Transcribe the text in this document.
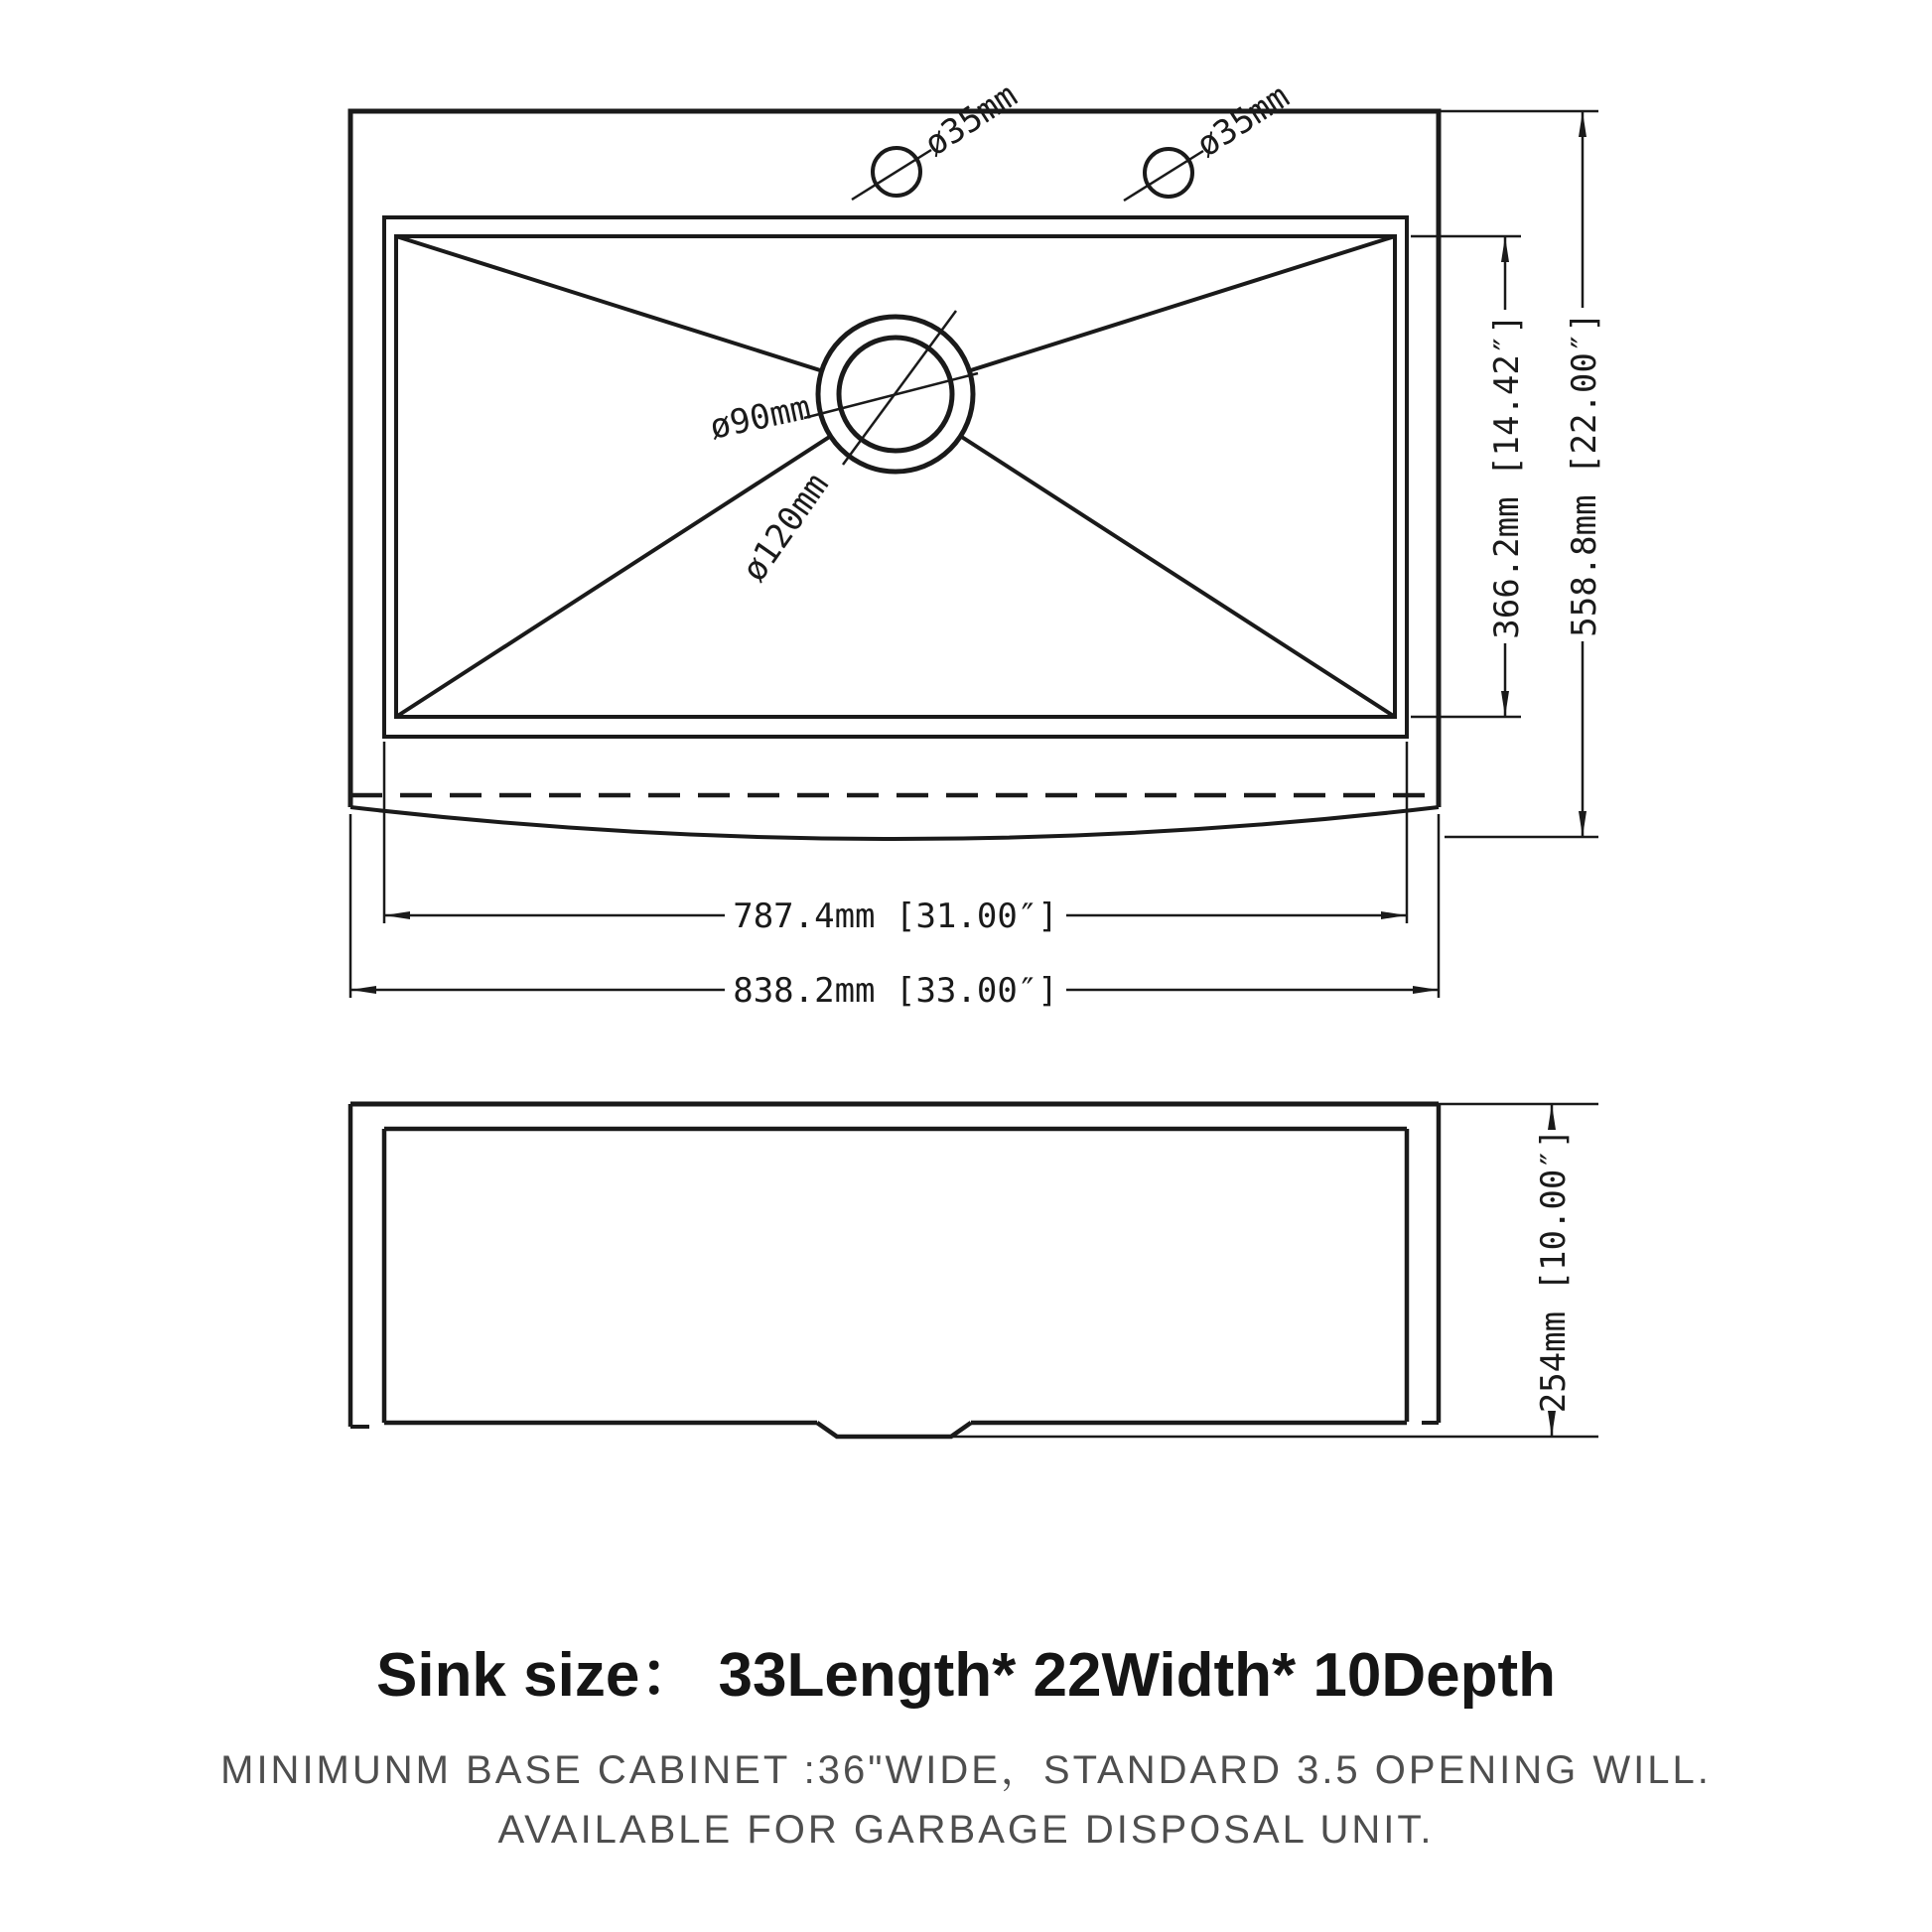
ø35mm	ø35mm
ø90mm
ø120mm	366.2mm [14.42″] 558.8mm [22.00″]
787.4mm [31.00″]
838.2mm [33.00″]
254mm [10.00″]
Sink size： 33Length* 22Width* 10Depth
MINIMUNM BASE CABINET :36"WIDE，STANDARD 3.5 OPENING WILL.
AVAILABLE FOR GARBAGE DISPOSAL UNIT.
